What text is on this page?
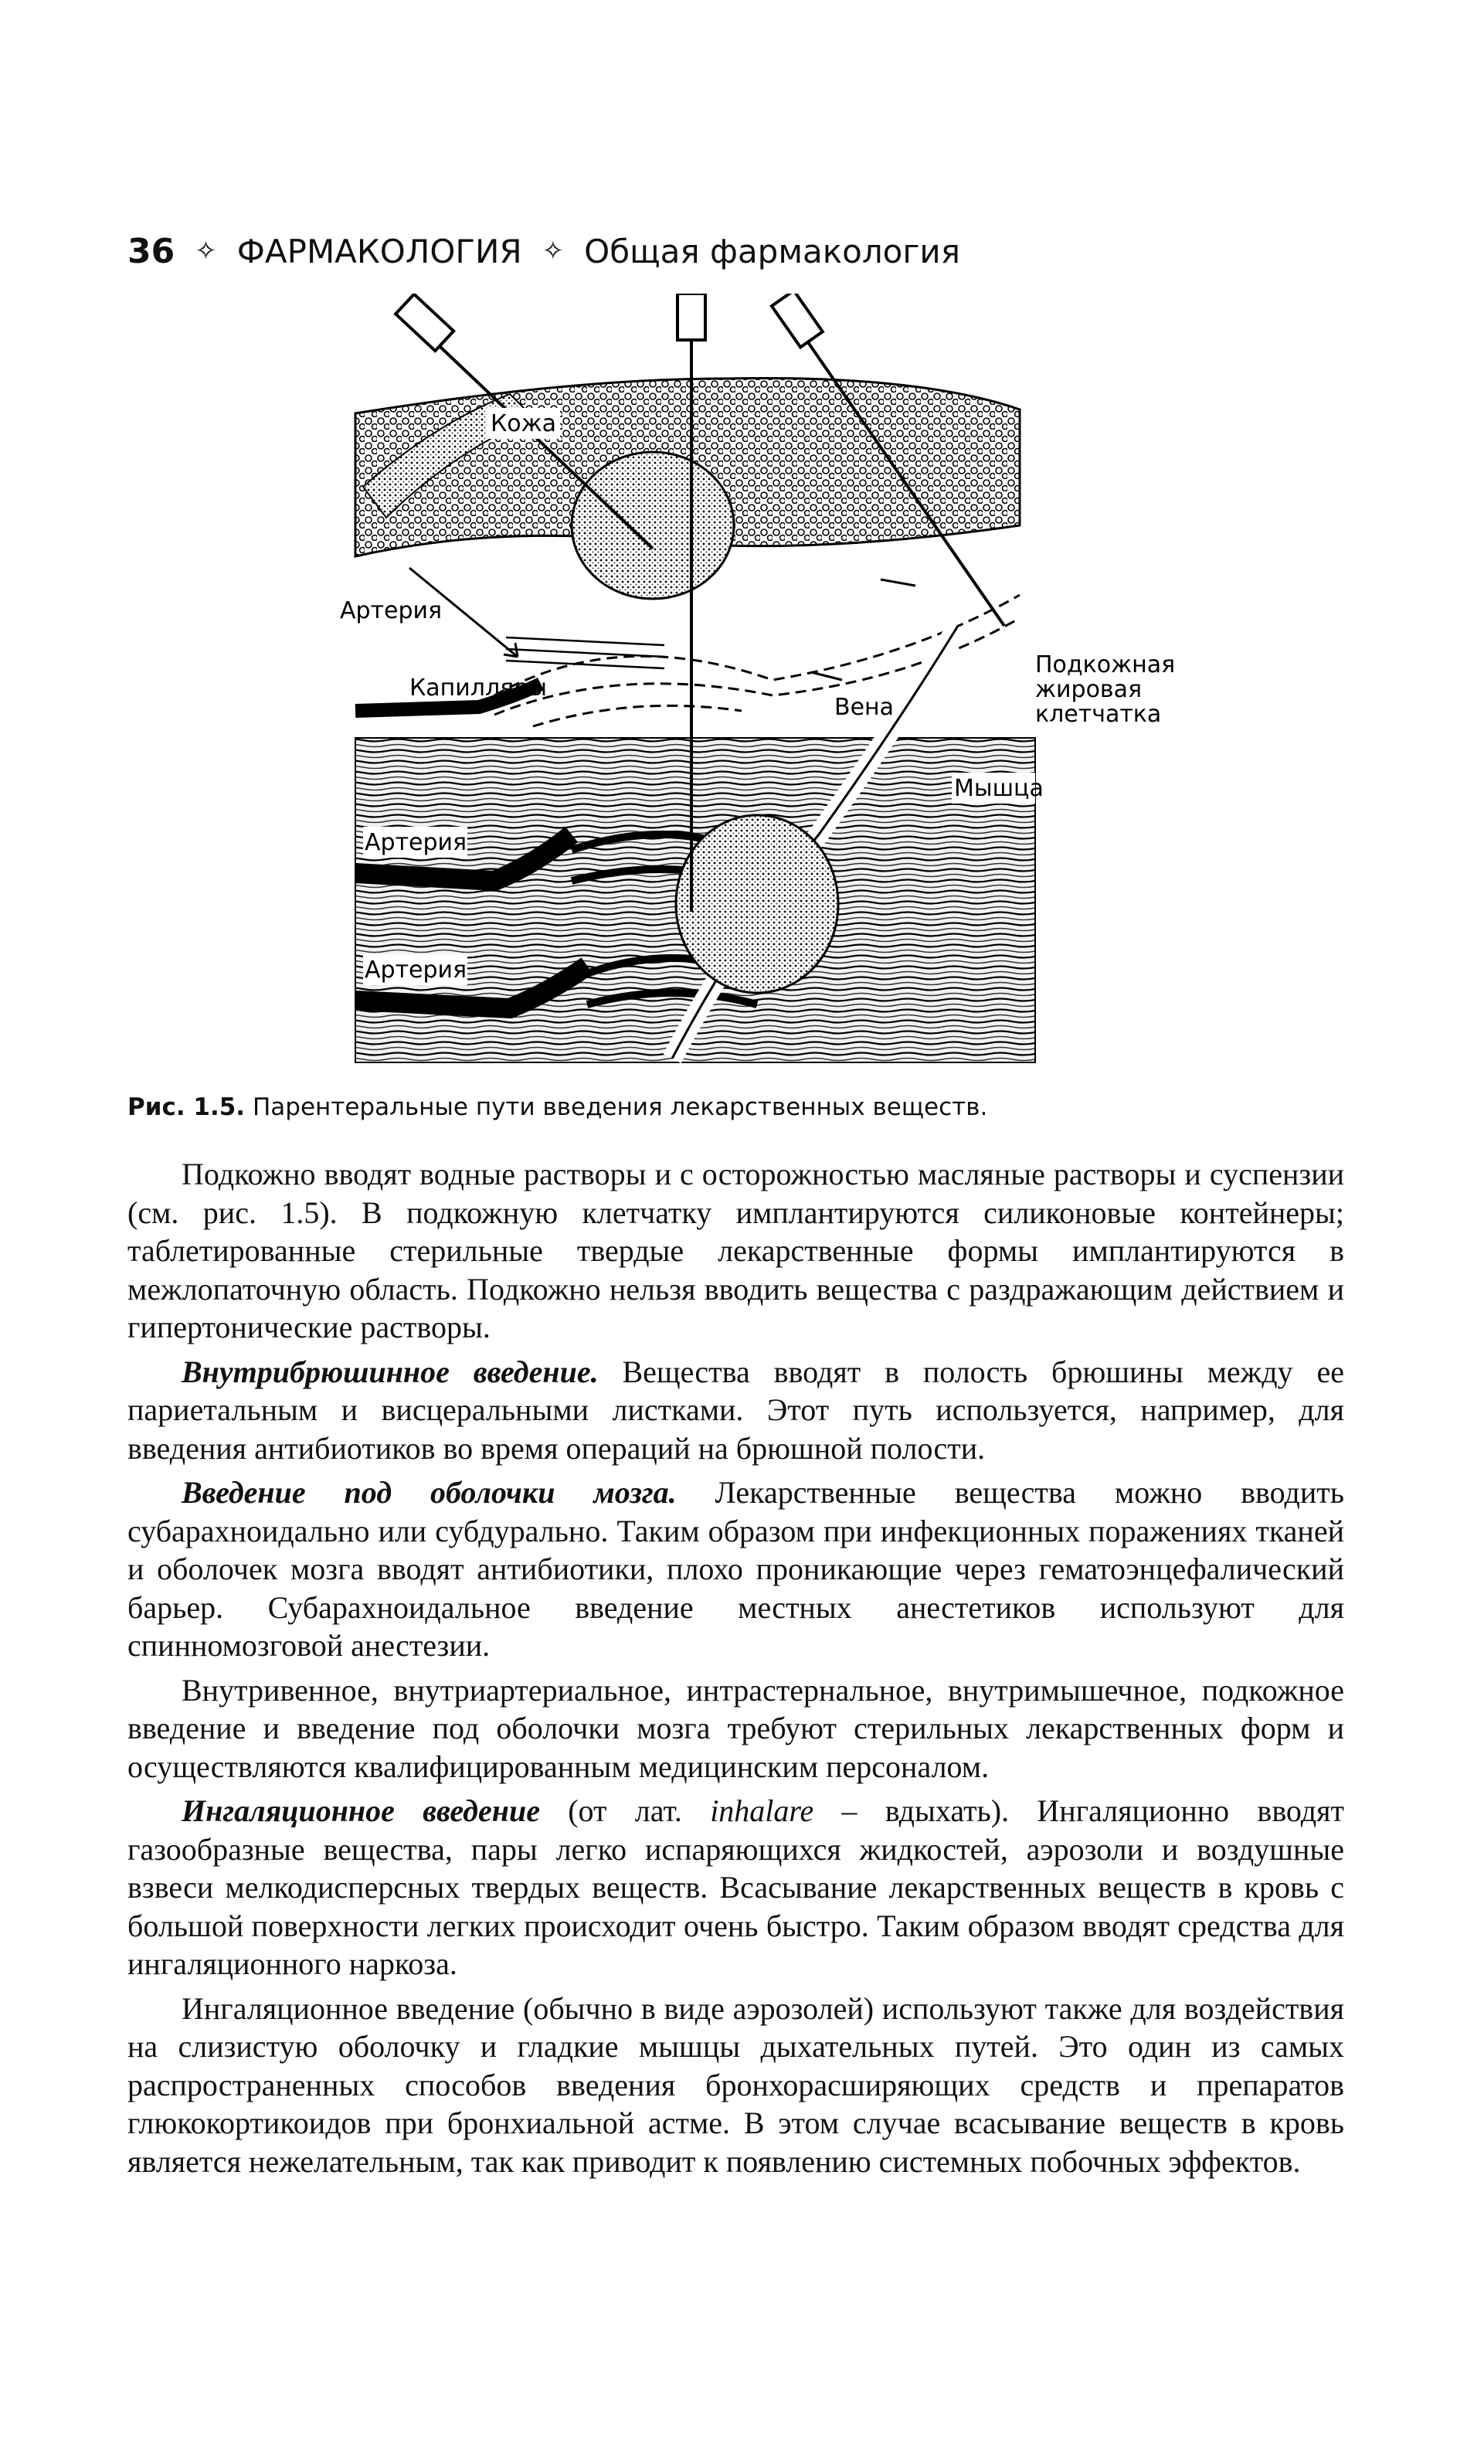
36 ✧ ФАРМАКОЛОГИЯ ✧ Общая фармакология
Кожа
Артерия
Капилляры
Вена
Подкожная
жировая
клетчатка
Мышца
Артерия
Артерия
Рис. 1.5. Парентеральные пути введения лекарственных веществ.

Подкожно вводят водные растворы и с осторожностью масляные растворы и суспензии (см. рис. 1.5). В подкожную клетчатку имплантируются силиконовые контейнеры; таблетированные стерильные твердые лекарственные формы имплантируются в межлопаточную область. Подкожно нельзя вводить вещества с раздражающим действием и гипертонические растворы.

Внутрибрюшинное введение. Вещества вводят в полость брюшины между ее париетальным и висцеральными листками. Этот путь используется, например, для введения антибиотиков во время операций на брюшной полости.

Введение под оболочки мозга. Лекарственные вещества можно вводить субарахноидально или субдурально. Таким образом при инфекционных поражениях тканей и оболочек мозга вводят антибиотики, плохо проникающие через гематоэнцефалический барьер. Субарахноидальное введение местных анестетиков используют для спинномозговой анестезии.

Внутривенное, внутриартериальное, интрастернальное, внутримышечное, подкожное введение и введение под оболочки мозга требуют стерильных лекарственных форм и осуществляются квалифицированным медицинским персоналом.

Ингаляционное введение (от лат. inhalare – вдыхать). Ингаляционно вводят газообразные вещества, пары легко испаряющихся жидкостей, аэрозоли и воздушные взвеси мелкодисперсных твердых веществ. Всасывание лекарственных веществ в кровь с большой поверхности легких происходит очень быстро. Таким образом вводят средства для ингаляционного наркоза.

Ингаляционное введение (обычно в виде аэрозолей) используют также для воздействия на слизистую оболочку и гладкие мышцы дыхательных путей. Это один из самых распространенных способов введения бронхорасширяющих средств и препаратов глюкокортикоидов при бронхиальной астме. В этом случае всасывание веществ в кровь является нежелательным, так как приводит к появлению системных побочных эффектов.
